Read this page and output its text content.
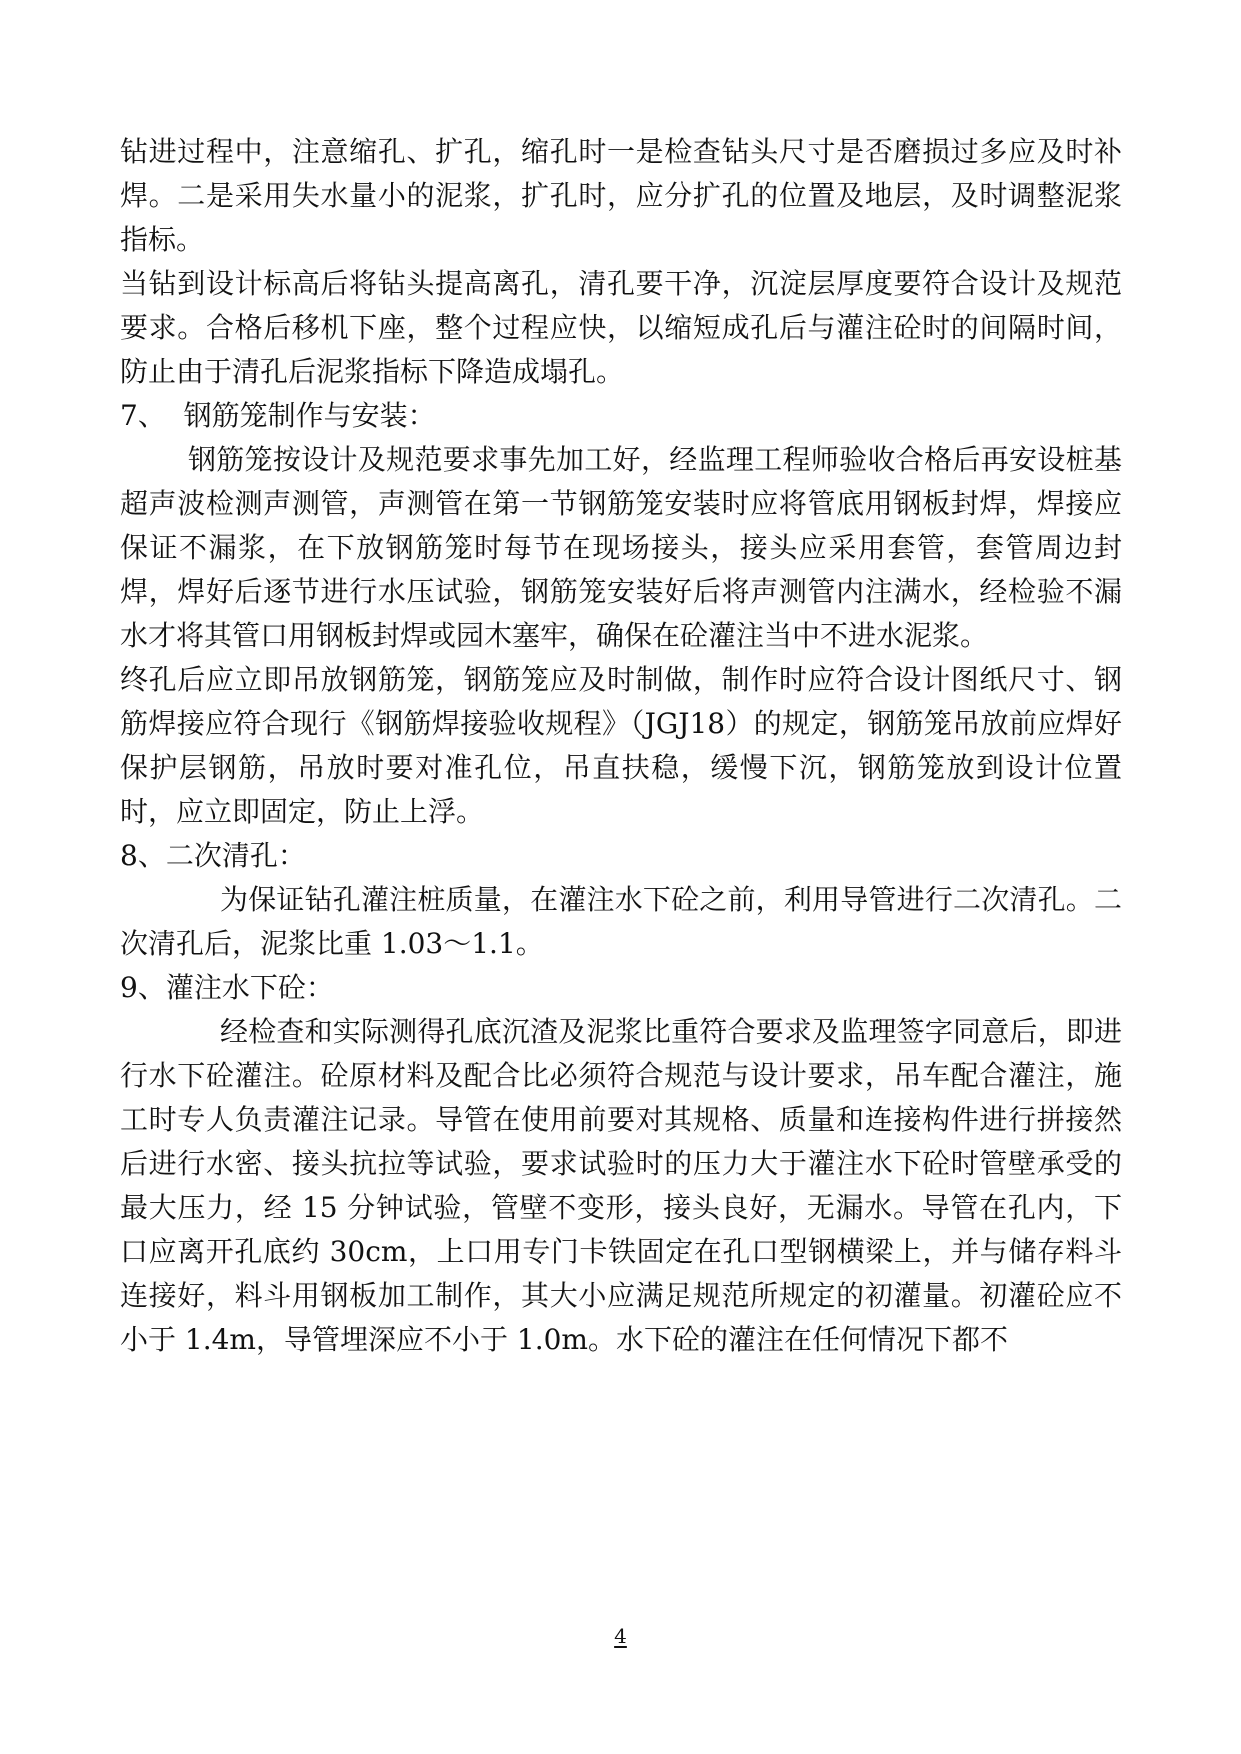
钻进过程中，注意缩孔、扩孔，缩孔时一是检查钻头尺寸是否磨损过多应及时补焊。二是采用失水量小的泥浆，扩孔时，应分扩孔的位置及地层，及时调整泥浆指标。

当钻到设计标高后将钻头提高离孔，清孔要干净，沉淀层厚度要符合设计及规范要求。合格后移机下座，整个过程应快，以缩短成孔后与灌注砼时的间隔时间，防止由于清孔后泥浆指标下降造成塌孔。

7、  钢筋笼制作与安装：

钢筋笼按设计及规范要求事先加工好，经监理工程师验收合格后再安设桩基超声波检测声测管，声测管在第一节钢筋笼安装时应将管底用钢板封焊，焊接应保证不漏浆，在下放钢筋笼时每节在现场接头，接头应采用套管，套管周边封焊，焊好后逐节进行水压试验，钢筋笼安装好后将声测管内注满水，经检验不漏水才将其管口用钢板封焊或园木塞牢，确保在砼灌注当中不进水泥浆。

终孔后应立即吊放钢筋笼，钢筋笼应及时制做，制作时应符合设计图纸尺寸、钢筋焊接应符合现行《钢筋焊接验收规程》（JGJ18）的规定，钢筋笼吊放前应焊好保护层钢筋，吊放时要对准孔位，吊直扶稳，缓慢下沉，钢筋笼放到设计位置时，应立即固定，防止上浮。

8、二次清孔：

为保证钻孔灌注桩质量，在灌注水下砼之前，利用导管进行二次清孔。二次清孔后，泥浆比重 1.03～1.1。

9、灌注水下砼：

经检查和实际测得孔底沉渣及泥浆比重符合要求及监理签字同意后，即进行水下砼灌注。砼原材料及配合比必须符合规范与设计要求，吊车配合灌注，施工时专人负责灌注记录。导管在使用前要对其规格、质量和连接构件进行拼接然后进行水密、接头抗拉等试验，要求试验时的压力大于灌注水下砼时管壁承受的最大压力，经 15 分钟试验，管壁不变形，接头良好，无漏水。导管在孔内，下口应离开孔底约 30cm，上口用专门卡铁固定在孔口型钢横梁上，并与储存料斗连接好，料斗用钢板加工制作，其大小应满足规范所规定的初灌量。初灌砼应不小于 1.4m，导管埋深应不小于 1.0m。水下砼的灌注在任何情况下都不

4
